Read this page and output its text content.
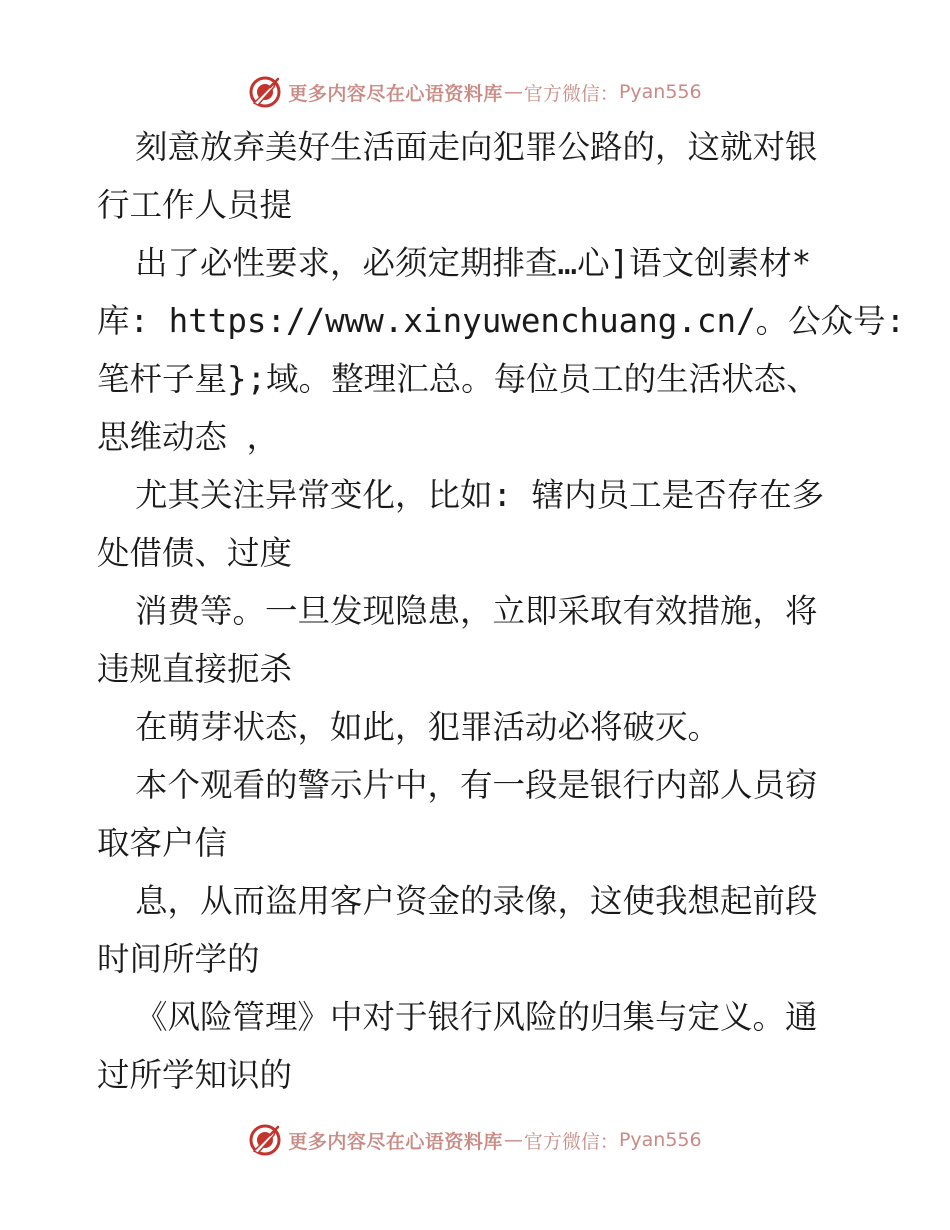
更多内容尽在心语资料库 — 官方微信： Pyan556
刻意放弃美好生活面走向犯罪公路的，这就对银
行工作人员提
出了必性要求，必须定期排查…心]语文创素材*
库: https://www.xinyuwenchuang.cn/。公众号:
笔杆子星};域。整理汇总。每位员工的生活状态、
思维动态 ，
尤其关注异常变化，比如: 辖内员工是否存在多
处借债、过度
消费等。一旦发现隐患，立即采取有效措施，将
违规直接扼杀
在萌芽状态，如此，犯罪活动必将破灭。
本个观看的警示片中，有一段是银行内部人员窃
取客户信
息，从而盗用客户资金的录像，这使我想起前段
时间所学的
《风险管理》中对于银行风险的归集与定义。通
过所学知识的
更多内容尽在心语资料库 — 官方微信： Pyan556
